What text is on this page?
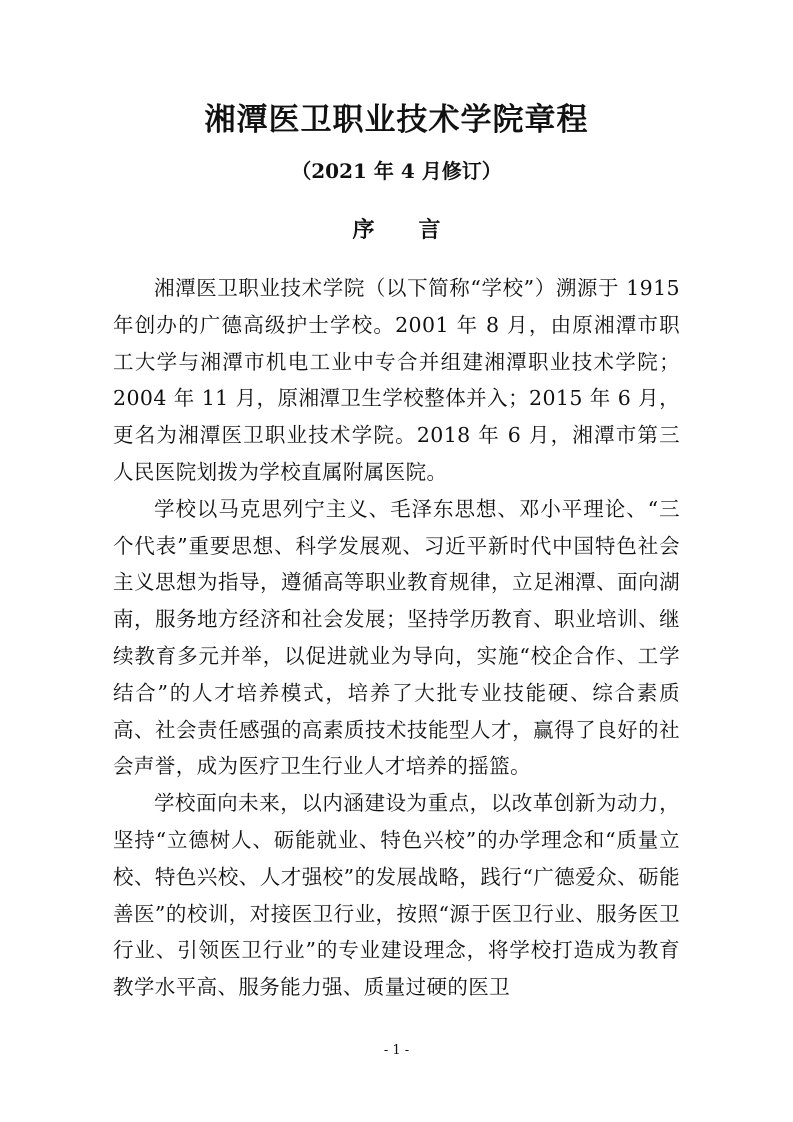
湘潭医卫职业技术学院章程
（2021 年 4 月修订）
序 言

湘潭医卫职业技术学院（以下简称“学校”）溯源于 1915 年创办的广德高级护士学校。2001 年 8 月，由原湘潭市职工大学与湘潭市机电工业中专合并组建湘潭职业技术学院；2004 年 11 月，原湘潭卫生学校整体并入；2015 年 6 月，更名为湘潭医卫职业技术学院。2018 年 6 月，湘潭市第三人民医院划拨为学校直属附属医院。

学校以马克思列宁主义、毛泽东思想、邓小平理论、“三个代表”重要思想、科学发展观、习近平新时代中国特色社会主义思想为指导，遵循高等职业教育规律，立足湘潭、面向湖南，服务地方经济和社会发展；坚持学历教育、职业培训、继续教育多元并举，以促进就业为导向，实施“校企合作、工学结合”的人才培养模式，培养了大批专业技能硬、综合素质高、社会责任感强的高素质技术技能型人才，赢得了良好的社会声誉，成为医疗卫生行业人才培养的摇篮。

学校面向未来，以内涵建设为重点，以改革创新为动力，坚持“立德树人、砺能就业、特色兴校”的办学理念和“质量立校、特色兴校、人才强校”的发展战略，践行“广德爱众、砺能善医”的校训，对接医卫行业，按照“源于医卫行业、服务医卫行业、引领医卫行业”的专业建设理念，将学校打造成为教育教学水平高、服务能力强、质量过硬的医卫

- 1 -
